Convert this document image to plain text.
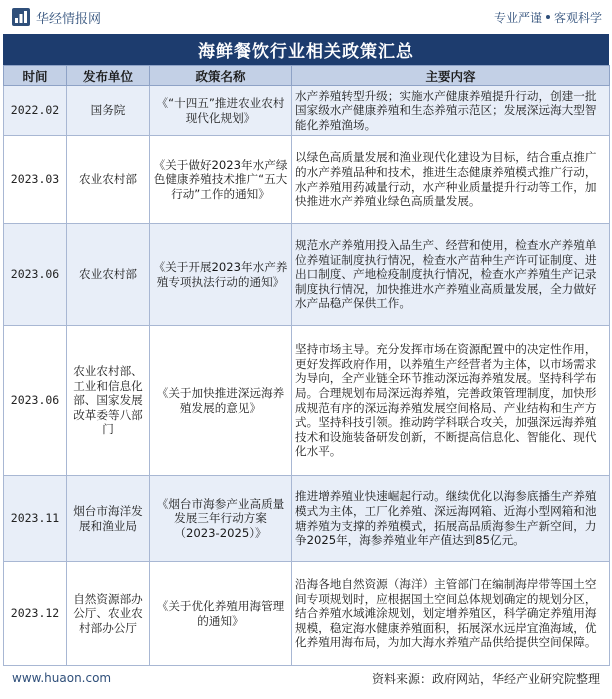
华经情报网	专业严谨 客观科学
海鲜餐饮行业相关政策汇总
时间	发布单位	政策名称	主要内容
2022.02	国务院	《“十四五”推进农业农村现代化规划》	水产养殖转型升级；实施水产健康养殖提升行动，创建一批国家级水产健康养殖和生态养殖示范区；发展深远海大型智能化养殖渔场。
2023.03	农业农村部	《关于做好2023年水产绿色健康养殖技术推广“五大行动”工作的通知》	以绿色高质量发展和渔业现代化建设为目标，结合重点推广的水产养殖品种和技术，推进生态健康养殖模式推广行动，水产养殖用药减量行动，水产种业质量提升行动等工作，加快推进水产养殖业绿色高质量发展。
2023.06	农业农村部	《关于开展2023年水产养殖专项执法行动的通知》	规范水产养殖用投入品生产、经营和使用，检查水产养殖单位养殖证制度执行情况，检查水产苗种生产许可证制度、进出口制度、产地检疫制度执行情况，检查水产养殖生产记录制度执行情况，加快推进水产养殖业高质量发展，全力做好水产品稳产保供工作。
2023.06	农业农村部、工业和信息化部、国家发展改革委等八部门	《关于加快推进深远海养殖发展的意见》	坚持市场主导。充分发挥市场在资源配置中的决定性作用，更好发挥政府作用，以养殖生产经营者为主体，以市场需求为导向，全产业链全环节推动深远海养殖发展。坚持科学布局。合理规划布局深远海养殖，完善政策管理制度，加快形成规范有序的深远海养殖发展空间格局、产业结构和生产方式。坚持科技引领。推动跨学科联合攻关，加强深远海养殖技术和设施装备研发创新，不断提高信息化、智能化、现代化水平。
2023.11	烟台市海洋发展和渔业局	《烟台市海参产业高质量发展三年行动方案（2023-2025）》	推进增养殖业快速崛起行动。继续优化以海参底播生产养殖模式为主体，工厂化养殖、深远海网箱、近海小型网箱和池塘养殖为支撑的养殖模式，拓展高品质海参生产新空间，力争2025年，海参养殖业年产值达到85亿元。
2023.12	自然资源部办公厅、农业农村部办公厅	《关于优化养殖用海管理的通知》	沿海各地自然资源（海洋）主管部门在编制海岸带等国土空间专项规划时，应根据国土空间总体规划确定的规划分区，结合养殖水域滩涂规划，划定增养殖区，科学确定养殖用海规模，稳定海水健康养殖面积，拓展深水远岸宜渔海域，优化养殖用海布局，为加大海水养殖产品供给提供空间保障。
www.huaon.com	资料来源：政府网站，华经产业研究院整理
